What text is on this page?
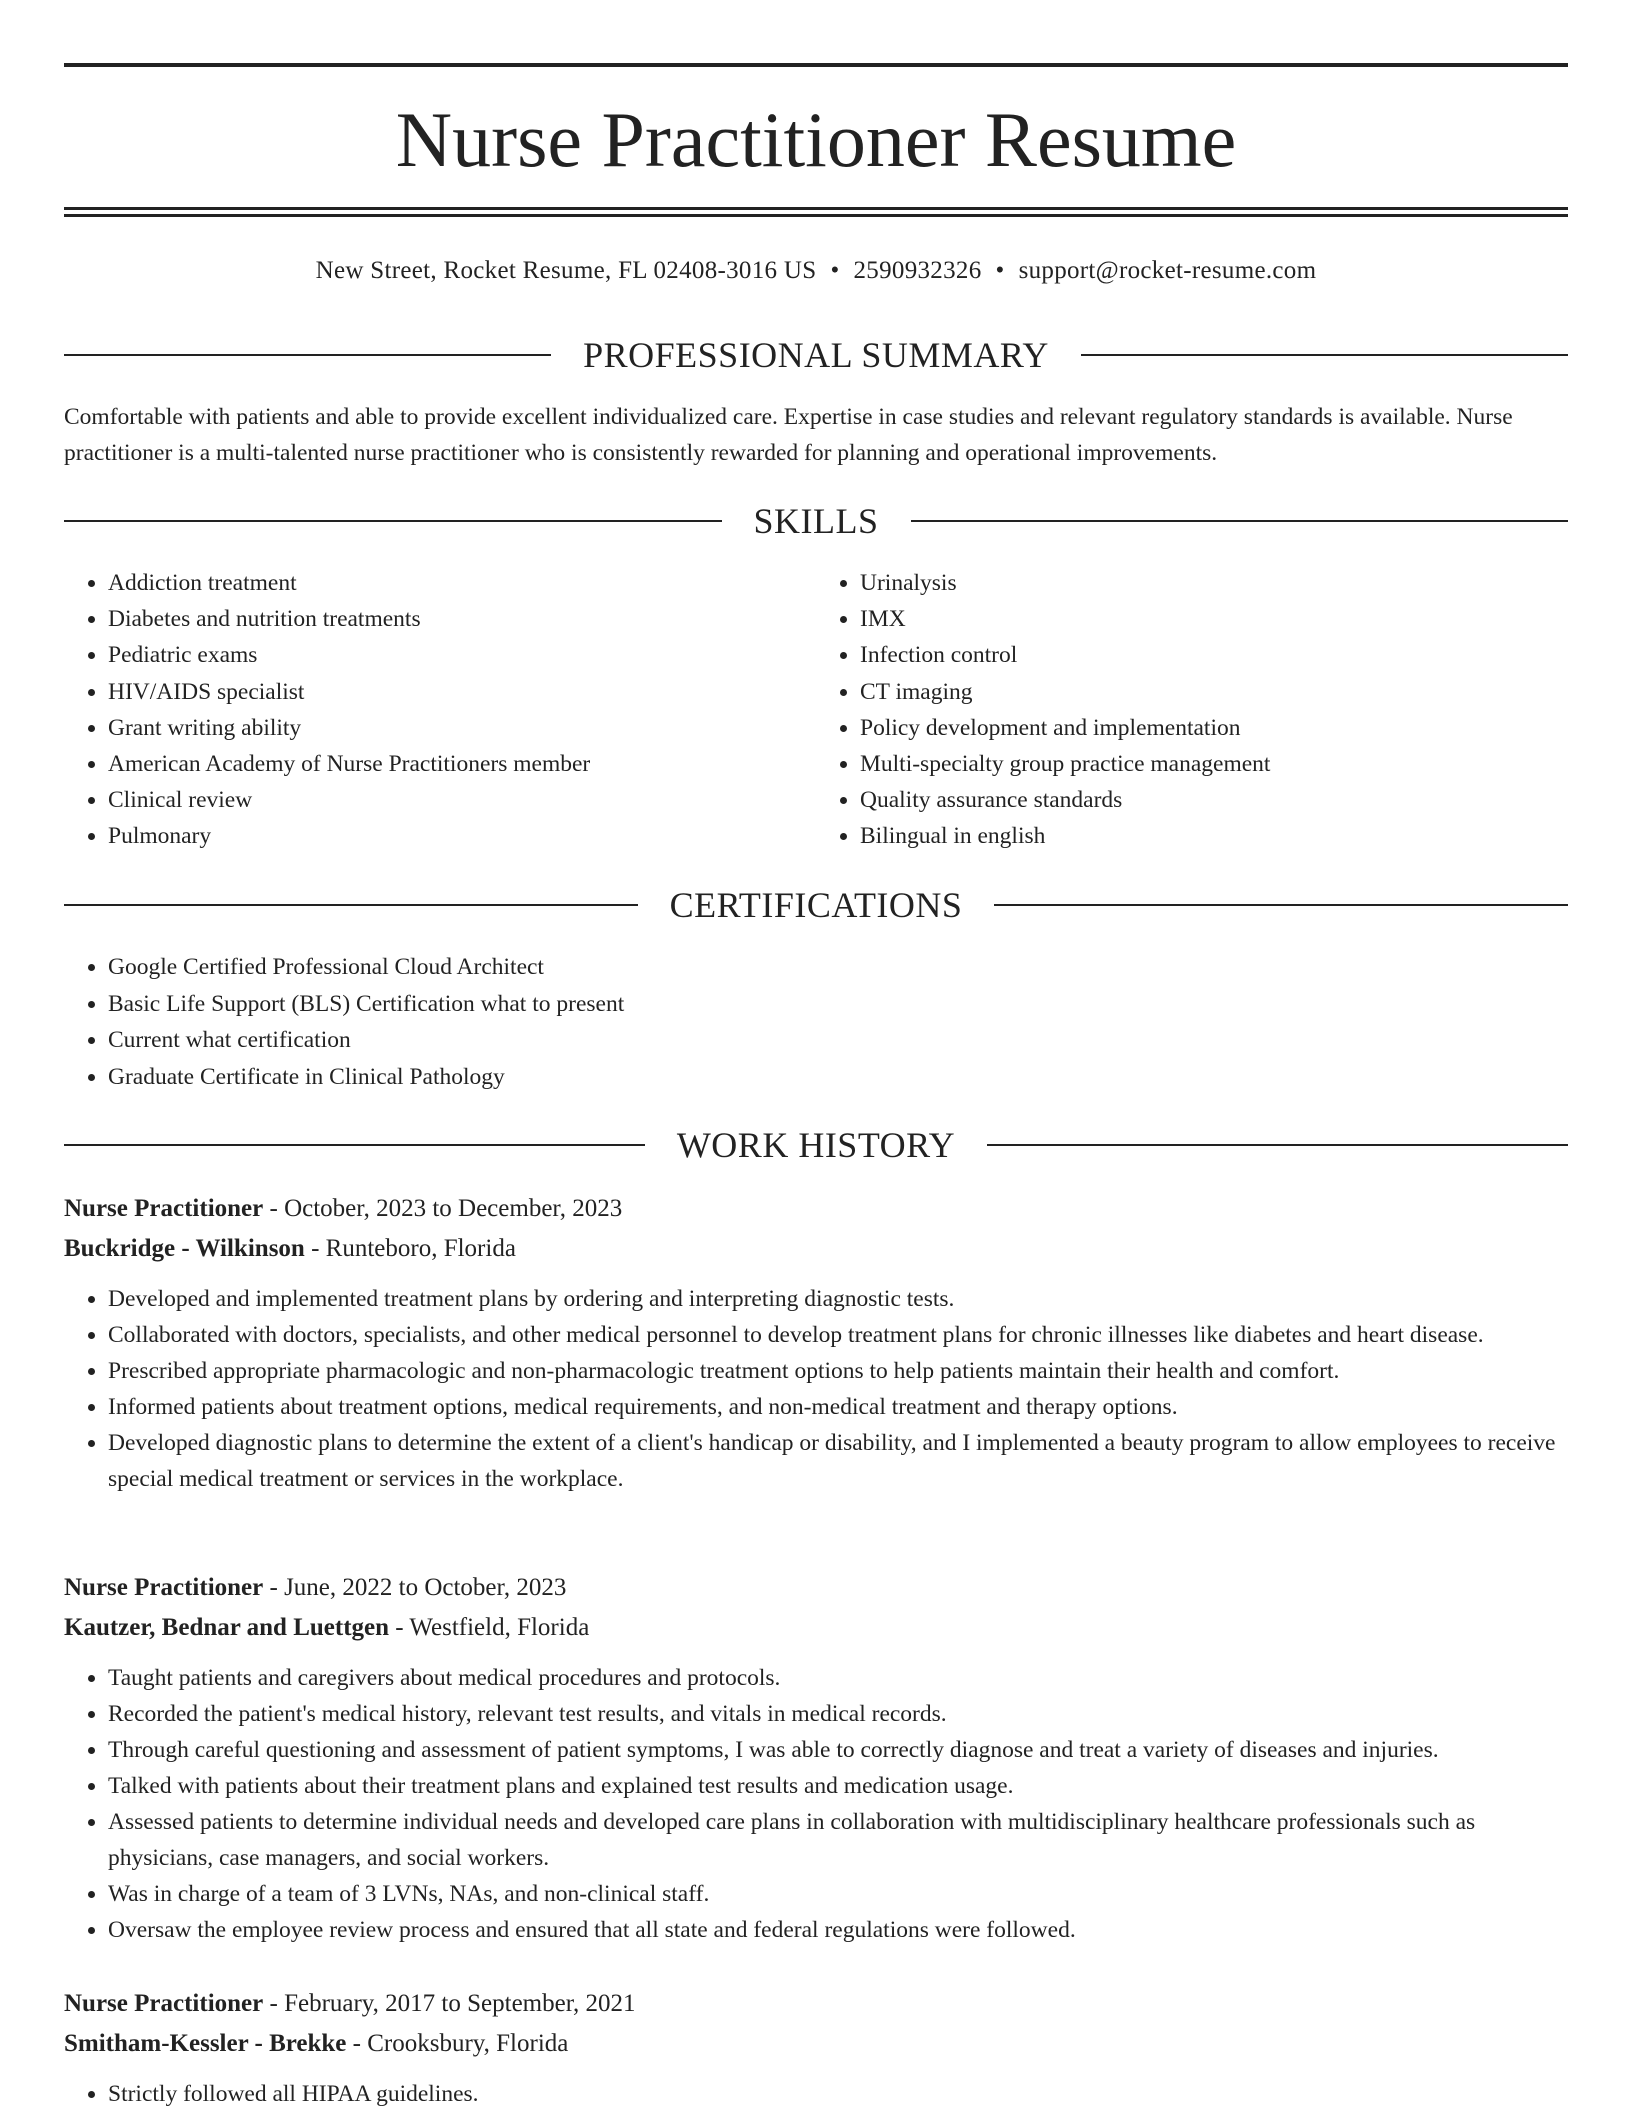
Nurse Practitioner Resume
New Street, Rocket Resume, FL 02408-3016 US • 2590932326 • support@rocket-resume.com
PROFESSIONAL SUMMARY
Comfortable with patients and able to provide excellent individualized care. Expertise in case studies and relevant regulatory standards is available. Nurse practitioner is a multi-talented nurse practitioner who is consistently rewarded for planning and operational improvements.
SKILLS
• Addiction treatment
• Diabetes and nutrition treatments
• Pediatric exams
• HIV/AIDS specialist
• Grant writing ability
• American Academy of Nurse Practitioners member
• Clinical review
• Pulmonary
• Urinalysis
• IMX
• Infection control
• CT imaging
• Policy development and implementation
• Multi-specialty group practice management
• Quality assurance standards
• Bilingual in english
CERTIFICATIONS
• Google Certified Professional Cloud Architect
• Basic Life Support (BLS) Certification what to present
• Current what certification
• Graduate Certificate in Clinical Pathology
WORK HISTORY
Nurse Practitioner - October, 2023 to December, 2023
Buckridge - Wilkinson - Runteboro, Florida
• Developed and implemented treatment plans by ordering and interpreting diagnostic tests.
• Collaborated with doctors, specialists, and other medical personnel to develop treatment plans for chronic illnesses like diabetes and heart disease.
• Prescribed appropriate pharmacologic and non-pharmacologic treatment options to help patients maintain their health and comfort.
• Informed patients about treatment options, medical requirements, and non-medical treatment and therapy options.
• Developed diagnostic plans to determine the extent of a client's handicap or disability, and I implemented a beauty program to allow employees to receive special medical treatment or services in the workplace.
Nurse Practitioner - June, 2022 to October, 2023
Kautzer, Bednar and Luettgen - Westfield, Florida
• Taught patients and caregivers about medical procedures and protocols.
• Recorded the patient's medical history, relevant test results, and vitals in medical records.
• Through careful questioning and assessment of patient symptoms, I was able to correctly diagnose and treat a variety of diseases and injuries.
• Talked with patients about their treatment plans and explained test results and medication usage.
• Assessed patients to determine individual needs and developed care plans in collaboration with multidisciplinary healthcare professionals such as physicians, case managers, and social workers.
• Was in charge of a team of 3 LVNs, NAs, and non-clinical staff.
• Oversaw the employee review process and ensured that all state and federal regulations were followed.
Nurse Practitioner - February, 2017 to September, 2021
Smitham-Kessler - Brekke - Crooksbury, Florida
• Strictly followed all HIPAA guidelines.
